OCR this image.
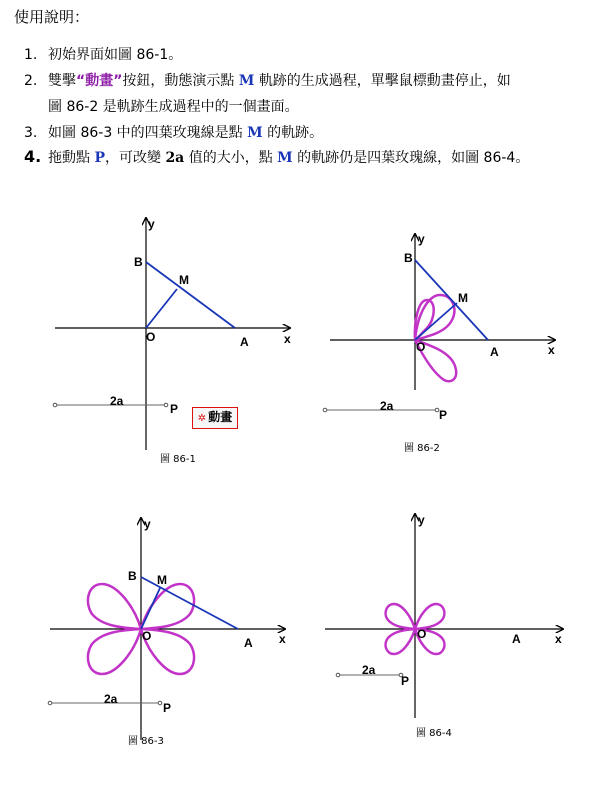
使用說明：
1. 初始界面如圖 86-1。
2. 雙擊“動畫”按鈕，動態演示點 M 軌跡的生成過程，單擊鼠標動畫停止，如
圖 86-2 是軌跡生成過程中的一個畫面。
3. 如圖 86-3 中的四葉玫瑰線是點 M 的軌跡。
4. 拖動點 P，可改變 2a 值的大小，點 M 的軌跡仍是四葉玫瑰線，如圖 86-4。
y
x
O	A
B
M
2a
P
圖 86-1
y
x
O	A
B
M
2a
P
圖 86-2
y
x
O	A
B M
2a
P
圖 86-3
y
x
O	A
2a
P
圖 86-4
✲ 動畫
